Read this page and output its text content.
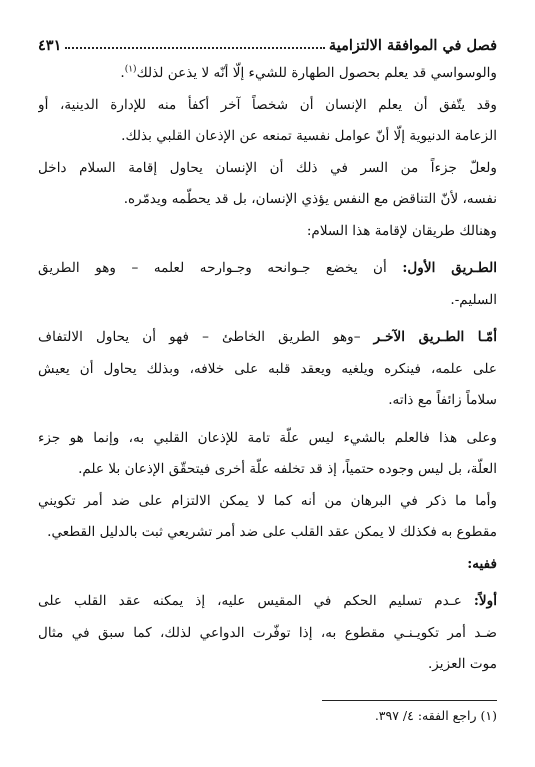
فصل في الموافقة الالتزامية
٤٣١
والوسواسي قد يعلم بحصول الطهارة للشيء إلّا أنّه لا يذعن لذلك$^{(١)}$.
وقد يتّفق أن يعلم الإنسان أن شخصاً آخر أكفأ منه للإدارة الدينية، أو
الزعامة الدنيوية إلّا أنّ عوامل نفسية تمنعه عن الإذعان القلبي بذلك.
ولعلّ جزءاً من السر في ذلك أن الإنسان يحاول إقامة السلام داخل
نفسه، لأنّ التناقض مع النفس يؤذي الإنسان، بل قد يحطّمه ويدمّره.
وهنالك طريقان لإقامة هذا السلام:
الطـريق الأول: أن يخضع جـوانحه وجـوارحه لعلمه – وهو الطريق
السليم-.
أمّـا الطـريق الآخـر –وهو الطريق الخاطئ – فهو أن يحاول الالتفاف
على علمه، فينكره ويلغيه ويعقد قلبه على خلافه، وبذلك يحاول أن يعيش
سلاماً زائفاً مع ذاته.
وعلى هذا فالعلم بالشيء ليس علّة تامة للإذعان القلبي به، وإنما هو جزء
العلّة، بل ليس وجوده حتمياً، إذ قد تخلفه علّة أخرى فيتحقّق الإذعان بلا علم.
وأما ما ذكر في البرهان من أنه كما لا يمكن الالتزام على ضد أمر تكويني
مقطوع به فكذلك لا يمكن عقد القلب على ضد أمر تشريعي ثبت بالدليل القطعي.
ففيه:
أولاً: عـدم تسليم الحكم في المقيس عليه، إذ يمكنه عقد القلب على
ضـد أمر تكويـنـي مقطوع به، إذا توفّرت الدواعي لذلك، كما سبق في مثال
موت العزيز.
(١) راجع الفقه: ٤/ ٣٩٧.
